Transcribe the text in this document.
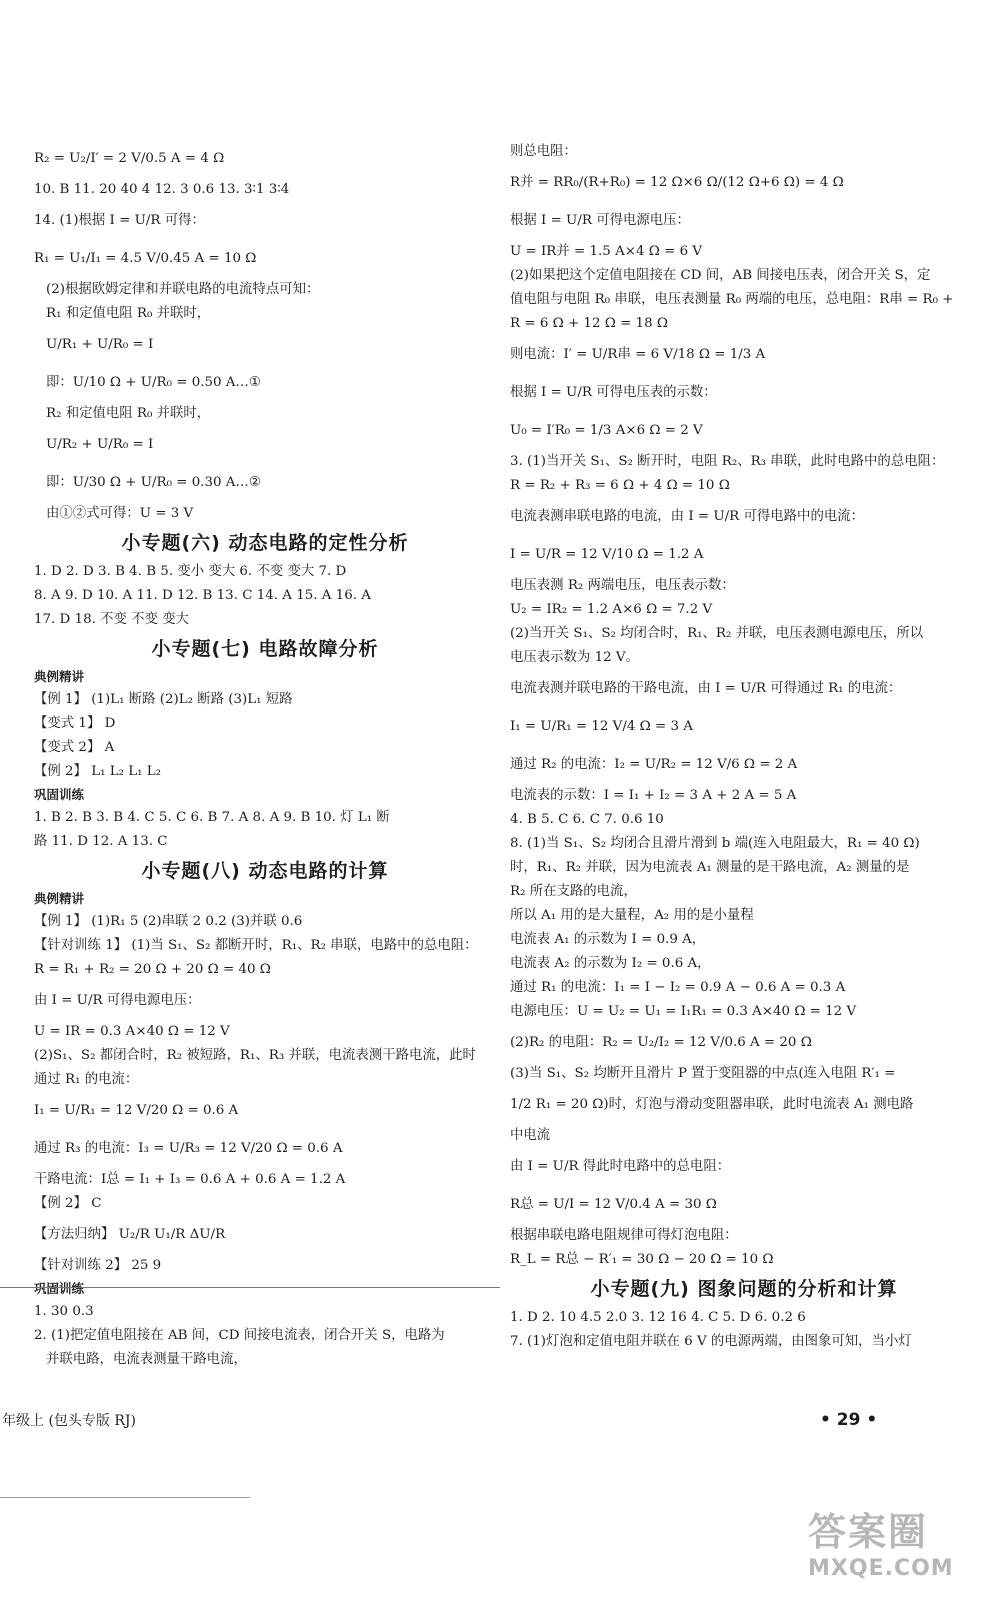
R₂ = U₂/I′ = 2 V/0.5 A = 4 Ω
10. B 11. 20 40 4 12. 3 0.6 13. 3∶1 3∶4
14. (1)根据 I = U/R 可得：
R₁ = U₁/I₁ = 4.5 V/0.45 A = 10 Ω
(2)根据欧姆定律和并联电路的电流特点可知：
R₁ 和定值电阻 R₀ 并联时，
U/R₁ + U/R₀ = I
即：U/10 Ω + U/R₀ = 0.50 A…①
R₂ 和定值电阻 R₀ 并联时，
U/R₂ + U/R₀ = I
即：U/30 Ω + U/R₀ = 0.30 A…②
由①②式可得：U = 3 V
小专题(六) 动态电路的定性分析
1. D 2. D 3. B 4. B 5. 变小 变大 6. 不变 变大 7. D
8. A 9. D 10. A 11. D 12. B 13. C 14. A 15. A 16. A
17. D 18. 不变 不变 变大
小专题(七) 电路故障分析
典例精讲
【例 1】 (1)L₁ 断路 (2)L₂ 断路 (3)L₁ 短路
【变式 1】 D
【变式 2】 A
【例 2】 L₁ L₂ L₁ L₂
巩固训练
1. B 2. B 3. B 4. C 5. C 6. B 7. A 8. A 9. B 10. 灯 L₁ 断
路 11. D 12. A 13. C
小专题(八) 动态电路的计算
典例精讲
【例 1】 (1)R₁ 5 (2)串联 2 0.2 (3)并联 0.6
【针对训练 1】 (1)当 S₁、S₂ 都断开时，R₁、R₂ 串联，电路中的总电阻：
R = R₁ + R₂ = 20 Ω + 20 Ω = 40 Ω
由 I = U/R 可得电源电压：
U = IR = 0.3 A×40 Ω = 12 V
(2)S₁、S₂ 都闭合时，R₂ 被短路，R₁、R₃ 并联，电流表测干路电流，此时
通过 R₁ 的电流：
I₁ = U/R₁ = 12 V/20 Ω = 0.6 A
通过 R₃ 的电流：I₃ = U/R₃ = 12 V/20 Ω = 0.6 A
干路电流：I总 = I₁ + I₃ = 0.6 A + 0.6 A = 1.2 A
【例 2】 C
【方法归纳】 U₂/R U₁/R ΔU/R
【针对训练 2】 25 9
巩固训练
1. 30 0.3
2. (1)把定值电阻接在 AB 间，CD 间接电流表，闭合开关 S，电路为
并联电路，电流表测量干路电流，
则总电阻：
R并 = RR₀/(R+R₀) = 12 Ω×6 Ω/(12 Ω+6 Ω) = 4 Ω
根据 I = U/R 可得电源电压：
U = IR并 = 1.5 A×4 Ω = 6 V
(2)如果把这个定值电阻接在 CD 间，AB 间接电压表，闭合开关 S，定
值电阻与电阻 R₀ 串联，电压表测量 R₀ 两端的电压，总电阻：R串 = R₀ +
R = 6 Ω + 12 Ω = 18 Ω
则电流：I′ = U/R串 = 6 V/18 Ω = 1/3 A
根据 I = U/R 可得电压表的示数：
U₀ = I′R₀ = 1/3 A×6 Ω = 2 V
3. (1)当开关 S₁、S₂ 断开时，电阻 R₂、R₃ 串联，此时电路中的总电阻：
R = R₂ + R₃ = 6 Ω + 4 Ω = 10 Ω
电流表测串联电路的电流，由 I = U/R 可得电路中的电流：
I = U/R = 12 V/10 Ω = 1.2 A
电压表测 R₂ 两端电压，电压表示数：
U₂ = IR₂ = 1.2 A×6 Ω = 7.2 V
(2)当开关 S₁、S₂ 均闭合时，R₁、R₂ 并联，电压表测电源电压，所以
电压表示数为 12 V。
电流表测并联电路的干路电流，由 I = U/R 可得通过 R₁ 的电流：
I₁ = U/R₁ = 12 V/4 Ω = 3 A
通过 R₂ 的电流：I₂ = U/R₂ = 12 V/6 Ω = 2 A
电流表的示数：I = I₁ + I₂ = 3 A + 2 A = 5 A
4. B 5. C 6. C 7. 0.6 10
8. (1)当 S₁、S₂ 均闭合且滑片滑到 b 端(连入电阻最大，R₁ = 40 Ω)
时，R₁、R₂ 并联，因为电流表 A₁ 测量的是干路电流，A₂ 测量的是
R₂ 所在支路的电流，
所以 A₁ 用的是大量程，A₂ 用的是小量程
电流表 A₁ 的示数为 I = 0.9 A，
电流表 A₂ 的示数为 I₂ = 0.6 A，
通过 R₁ 的电流：I₁ = I − I₂ = 0.9 A − 0.6 A = 0.3 A
电源电压：U = U₂ = U₁ = I₁R₁ = 0.3 A×40 Ω = 12 V
(2)R₂ 的电阻：R₂ = U₂/I₂ = 12 V/0.6 A = 20 Ω
(3)当 S₁、S₂ 均断开且滑片 P 置于变阻器的中点(连入电阻 R′₁ =
1/2 R₁ = 20 Ω)时，灯泡与滑动变阻器串联，此时电流表 A₁ 测电路
中电流
由 I = U/R 得此时电路中的总电阻：
R总 = U/I = 12 V/0.4 A = 30 Ω
根据串联电路电阻规律可得灯泡电阻：
R_L = R总 − R′₁ = 30 Ω − 20 Ω = 10 Ω
小专题(九) 图象问题的分析和计算
1. D 2. 10 4.5 2.0 3. 12 16 4. C 5. D 6. 0.2 6
7. (1)灯泡和定值电阻并联在 6 V 的电源两端，由图象可知，当小灯
年级上 (包头专版 RJ)	• 29 •
答案圈
MXQE.COM
